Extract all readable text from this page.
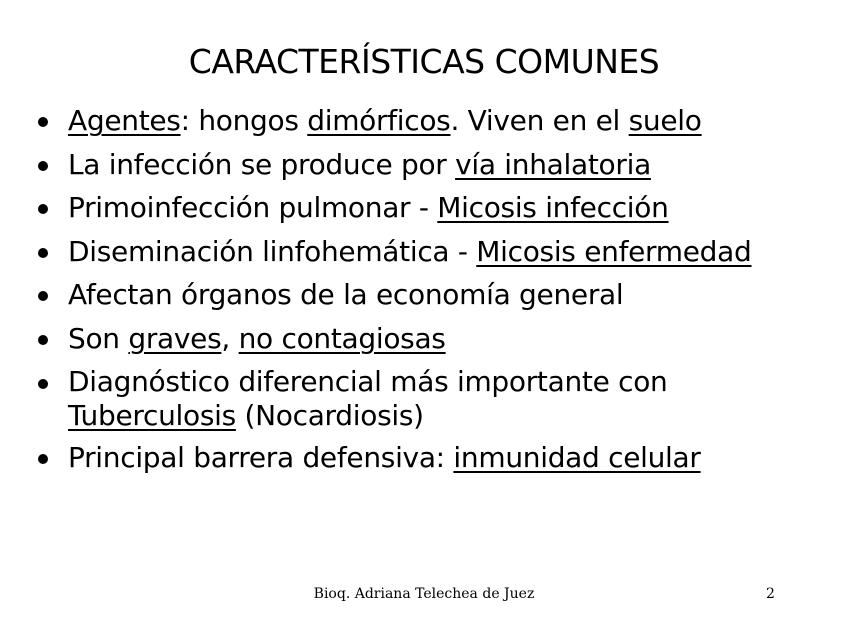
CARACTERÍSTICAS COMUNES
Agentes: hongos dimórficos. Viven en el suelo
La infección se produce por vía inhalatoria
Primoinfección pulmonar - Micosis infección
Diseminación linfohemática - Micosis enfermedad
Afectan órganos de la economía general
Son graves, no contagiosas
Diagnóstico diferencial más importante con
Tuberculosis (Nocardiosis)
Principal barrera defensiva: inmunidad celular
Bioq. Adriana Telechea de Juez	2
